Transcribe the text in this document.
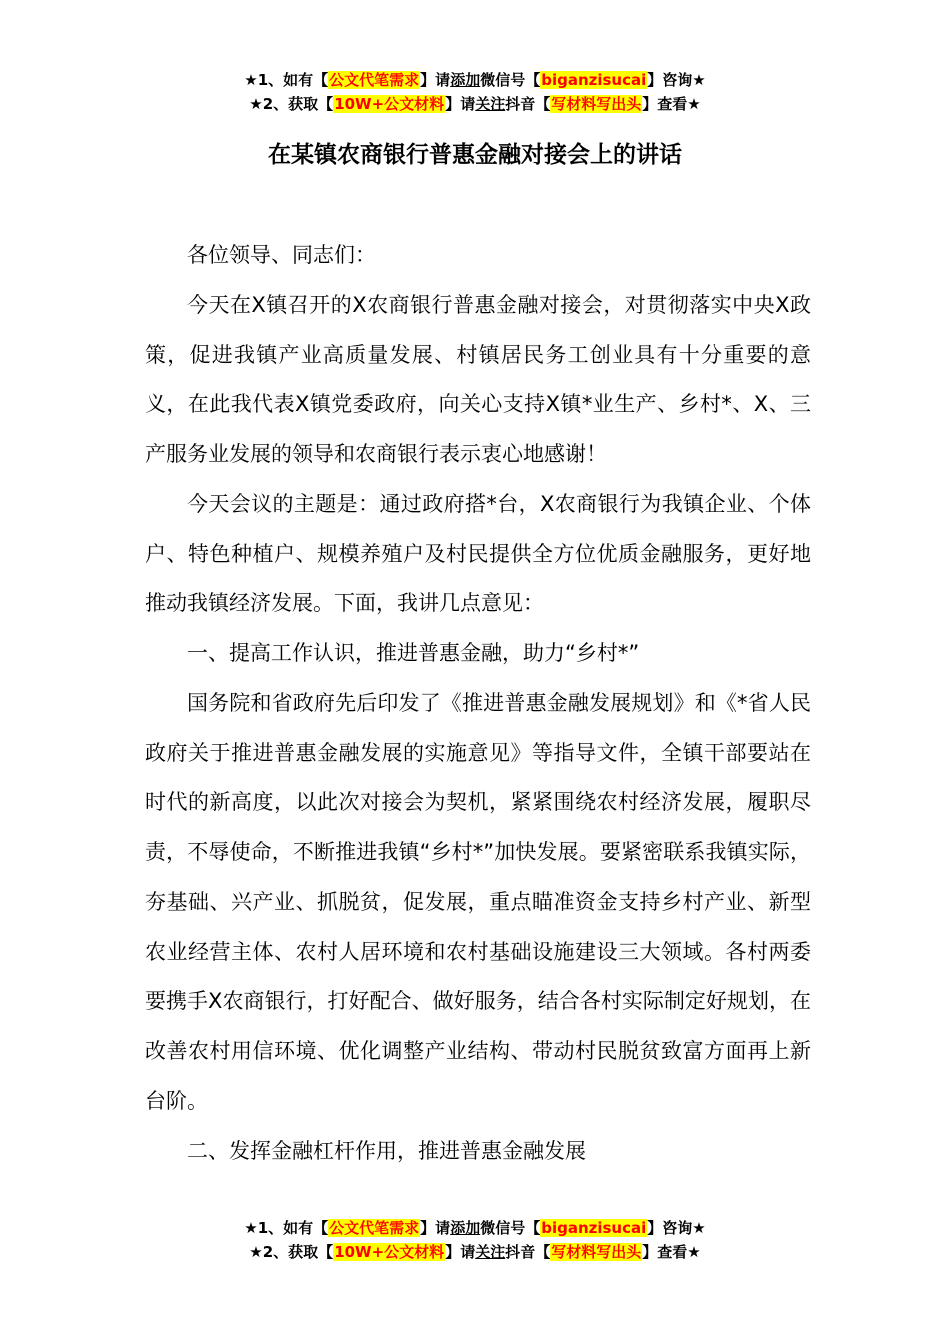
★1、如有【公文代笔需求】请添加微信号【biganzisucai】咨询★
★2、获取【10W+公文材料】请关注抖音【写材料写出头】查看★
在某镇农商银行普惠金融对接会上的讲话

各位领导、同志们：

今天在X镇召开的X农商银行普惠金融对接会，对贯彻落实中央X政策，促进我镇产业高质量发展、村镇居民务工创业具有十分重要的意义，在此我代表X镇党委政府，向关心支持X镇*业生产、乡村*、X、三产服务业发展的领导和农商银行表示衷心地感谢！

今天会议的主题是：通过政府搭*台，X农商银行为我镇企业、个体户、特色种植户、规模养殖户及村民提供全方位优质金融服务，更好地推动我镇经济发展。下面，我讲几点意见：

一、提高工作认识，推进普惠金融，助力“乡村*”

国务院和省政府先后印发了《推进普惠金融发展规划》和《*省人民政府关于推进普惠金融发展的实施意见》等指导文件，全镇干部要站在时代的新高度，以此次对接会为契机，紧紧围绕农村经济发展，履职尽责，不辱使命，不断推进我镇“乡村*”加快发展。要紧密联系我镇实际，夯基础、兴产业、抓脱贫，促发展，重点瞄准资金支持乡村产业、新型农业经营主体、农村人居环境和农村基础设施建设三大领域。各村两委要携手X农商银行，打好配合、做好服务，结合各村实际制定好规划，在改善农村用信环境、优化调整产业结构、带动村民脱贫致富方面再上新台阶。

二、发挥金融杠杆作用，推进普惠金融发展

★1、如有【公文代笔需求】请添加微信号【biganzisucai】咨询★
★2、获取【10W+公文材料】请关注抖音【写材料写出头】查看★
